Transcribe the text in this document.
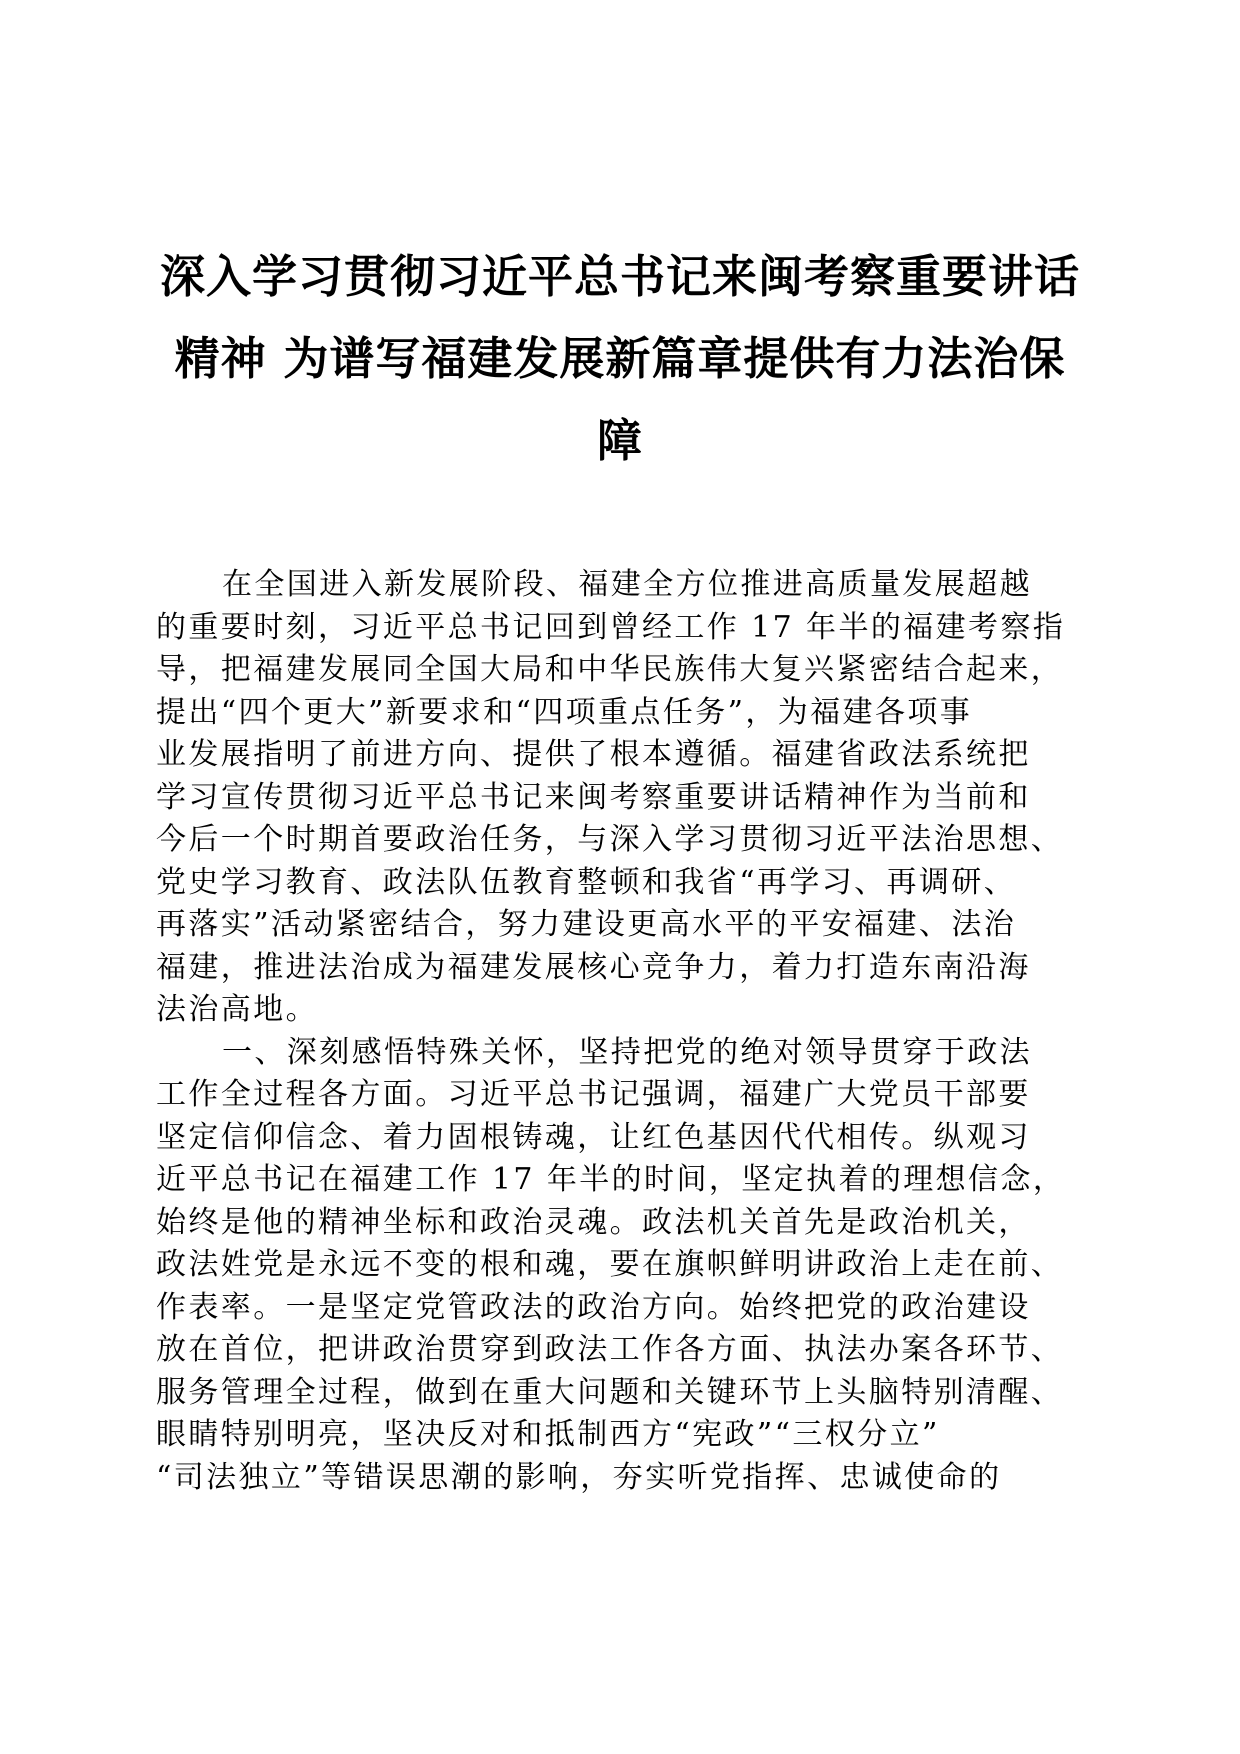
深入学习贯彻习近平总书记来闽考察重要讲话
精神 为谱写福建发展新篇章提供有力法治保
障
在全国进入新发展阶段、福建全方位推进高质量发展超越
的重要时刻，习近平总书记回到曾经工作 17 年半的福建考察指
导，把福建发展同全国大局和中华民族伟大复兴紧密结合起来，
提出“四个更大”新要求和“四项重点任务”，为福建各项事
业发展指明了前进方向、提供了根本遵循。福建省政法系统把
学习宣传贯彻习近平总书记来闽考察重要讲话精神作为当前和
今后一个时期首要政治任务，与深入学习贯彻习近平法治思想、
党史学习教育、政法队伍教育整顿和我省“再学习、再调研、
再落实”活动紧密结合，努力建设更高水平的平安福建、法治
福建，推进法治成为福建发展核心竞争力，着力打造东南沿海
法治高地。
一、深刻感悟特殊关怀，坚持把党的绝对领导贯穿于政法
工作全过程各方面。习近平总书记强调，福建广大党员干部要
坚定信仰信念、着力固根铸魂，让红色基因代代相传。纵观习
近平总书记在福建工作 17 年半的时间，坚定执着的理想信念，
始终是他的精神坐标和政治灵魂。政法机关首先是政治机关，
政法姓党是永远不变的根和魂，要在旗帜鲜明讲政治上走在前、
作表率。一是坚定党管政法的政治方向。始终把党的政治建设
放在首位，把讲政治贯穿到政法工作各方面、执法办案各环节、
服务管理全过程，做到在重大问题和关键环节上头脑特别清醒、
眼睛特别明亮，坚决反对和抵制西方“宪政”“三权分立”
“司法独立”等错误思潮的影响，夯实听党指挥、忠诚使命的
